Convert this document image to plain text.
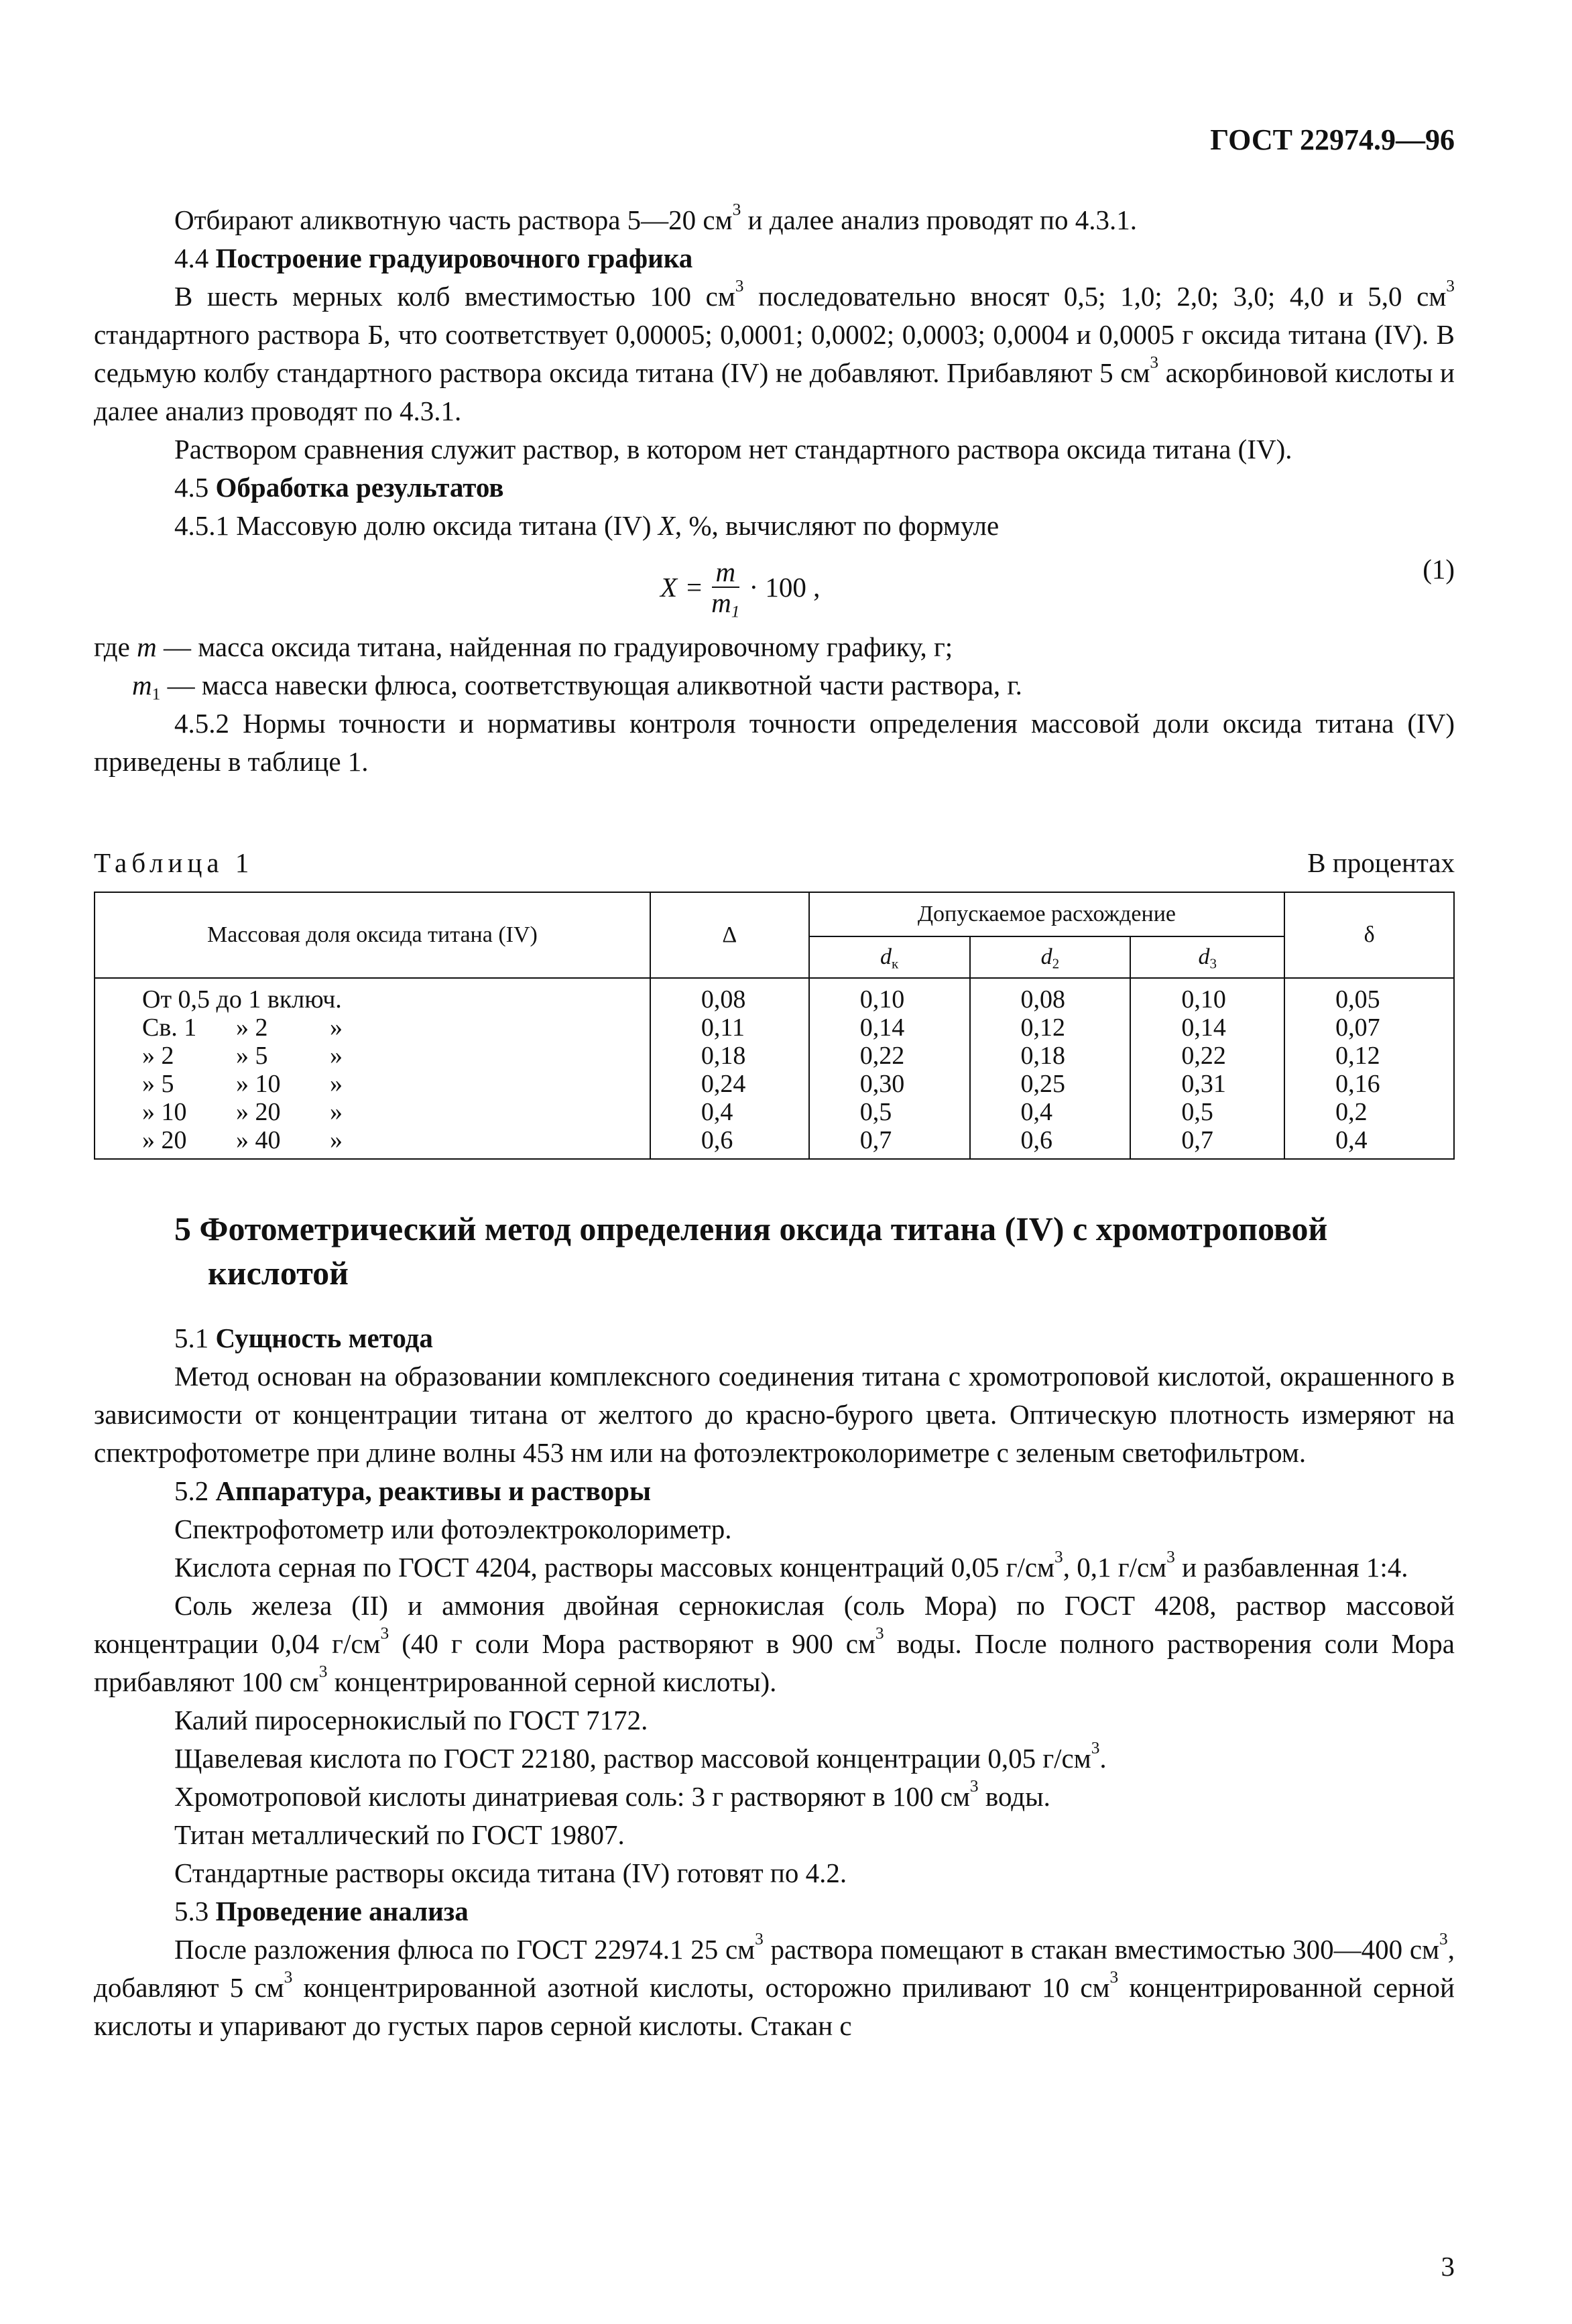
ГОСТ 22974.9—96

Отбирают аликвотную часть раствора 5—20 $см^3$ и далее анализ проводят по 4.3.1.

4.4 Построение градуировочного графика

В шесть мерных колб вместимостью 100 $см^3$ последовательно вносят 0,5; 1,0; 2,0; 3,0; 4,0 и 5,0 $см^3$ стандартного раствора Б, что соответствует 0,00005; 0,0001; 0,0002; 0,0003; 0,0004 и 0,0005 г оксида титана (IV). В седьмую колбу стандартного раствора оксида титана (IV) не добавляют. Прибавляют 5 $см^3$ аскорбиновой кислоты и далее анализ проводят по 4.3.1.

Раствором сравнения служит раствор, в котором нет стандартного раствора оксида титана (IV).

4.5 Обработка результатов

4.5.1 Массовую долю оксида титана (IV) X, %, вычисляют по формуле

$X = \frac{m}{m_1} \cdot 100$ ,
(1)

где m — масса оксида титана, найденная по градуировочному графику, г;

$m_1$ — масса навески флюса, соответствующая аликвотной части раствора, г.

4.5.2 Нормы точности и нормативы контроля точности определения массовой доли оксида титана (IV) приведены в таблице 1.

Таблица 1	В процентах
Массовая доля оксида титана (IV)	Δ	Допускаемое расхождение			δ
		$d_к$	$d_2$	$d_3$
От 0,5 до 1 включ.	0,08	0,10	0,08	0,10	0,05
Св. 1 » 2 »	0,11	0,14	0,12	0,14	0,07
» 2 » 5 »	0,18	0,22	0,18	0,22	0,12
» 5 » 10 »	0,24	0,30	0,25	0,31	0,16
» 10 » 20 »	0,4	0,5	0,4	0,5	0,2
» 20 » 40 »	0,6	0,7	0,6	0,7	0,4
5 Фотометрический метод определения оксида титана (IV) с хромотроповой кислотой

5.1 Сущность метода

Метод основан на образовании комплексного соединения титана с хромотроповой кислотой, окрашенного в зависимости от концентрации титана от желтого до красно-бурого цвета. Оптическую плотность измеряют на спектрофотометре при длине волны 453 нм или на фотоэлектроколориметре с зеленым светофильтром.

5.2 Аппаратура, реактивы и растворы

Спектрофотометр или фотоэлектроколориметр.

Кислота серная по ГОСТ 4204, растворы массовых концентраций 0,05 $г/см^3$, 0,1 $г/см^3$ и разбавленная 1:4.

Соль железа (II) и аммония двойная сернокислая (соль Мора) по ГОСТ 4208, раствор массовой концентрации 0,04 $г/см^3$ (40 г соли Мора растворяют в 900 $см^3$ воды. После полного растворения соли Мора прибавляют 100 $см^3$ концентрированной серной кислоты).

Калий пиросернокислый по ГОСТ 7172.

Щавелевая кислота по ГОСТ 22180, раствор массовой концентрации 0,05 $г/см^3$.

Хромотроповой кислоты динатриевая соль: 3 г растворяют в 100 $см^3$ воды.

Титан металлический по ГОСТ 19807.

Стандартные растворы оксида титана (IV) готовят по 4.2.

5.3 Проведение анализа

После разложения флюса по ГОСТ 22974.1 25 $см^3$ раствора помещают в стакан вместимостью 300—400 $см^3$, добавляют 5 $см^3$ концентрированной азотной кислоты, осторожно приливают 10 $см^3$ концентрированной серной кислоты и упаривают до густых паров серной кислоты. Стакан с

3
